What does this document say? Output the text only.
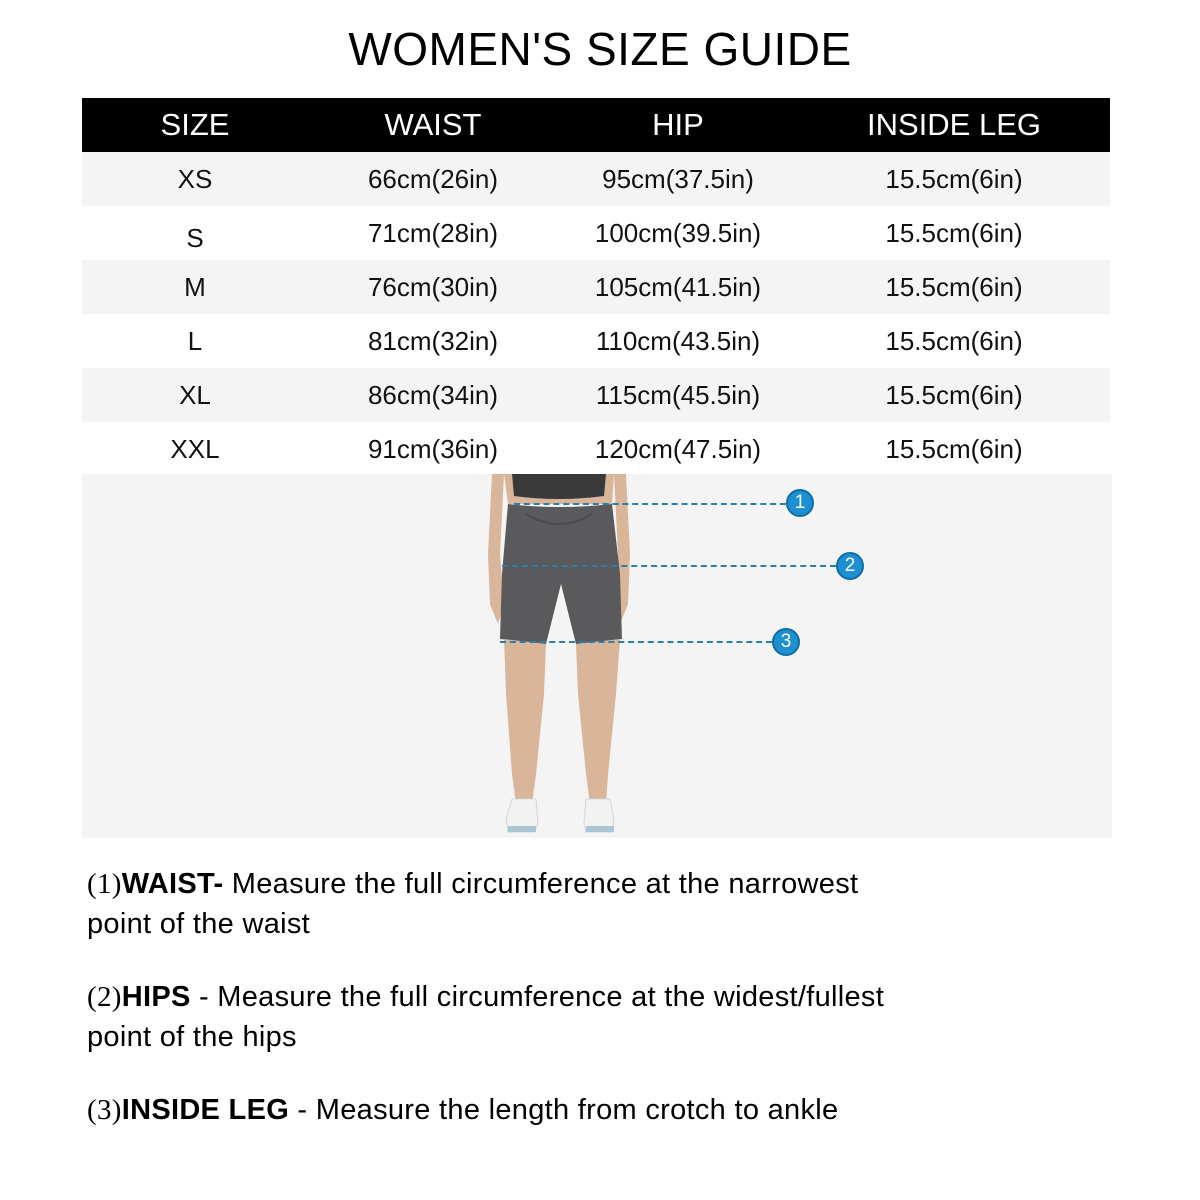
WOMEN'S SIZE GUIDE
SIZE	WAIST	HIP	INSIDE LEG
XS	66cm(26in)	95cm(37.5in)	15.5cm(6in)
S	71cm(28in)	100cm(39.5in)	15.5cm(6in)
M	76cm(30in)	105cm(41.5in)	15.5cm(6in)
L	81cm(32in)	110cm(43.5in)	15.5cm(6in)
XL	86cm(34in)	115cm(45.5in)	15.5cm(6in)
XXL	91cm(36in)	120cm(47.5in)	15.5cm(6in)
1
2
3

(1)WAIST- Measure the full circumference at the narrowest point of the waist

(2)HIPS - Measure the full circumference at the widest/fullest point of the hips

(3)INSIDE LEG - Measure the length from crotch to ankle
